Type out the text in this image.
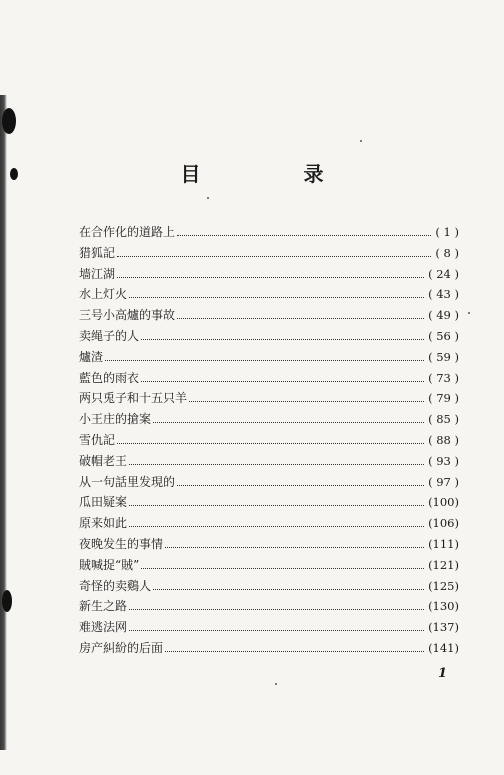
目 录
在合作化的道路上	( 1 )
猎狐記	( 8 )
墙江湖	( 24 )
水上灯火	( 43 )
三号小高爐的事故	( 49 )
卖绳子的人	( 56 )
爐渣	( 59 )
藍色的雨衣	( 73 )
两只兎子和十五只羊	( 79 )
小王庄的搶案	( 85 )
雪仇記	( 88 )
破帽老王	( 93 )
从一句話里发現的	( 97 )
瓜田疑案	(100)
原来如此	(106)
夜晚发生的事情	(111)
賊喊捉“賊”	(121)
奇怪的卖鷄人	(125)
新生之路	(130)
难逃法网	(137)
房产糾紛的后面	(141)
1
